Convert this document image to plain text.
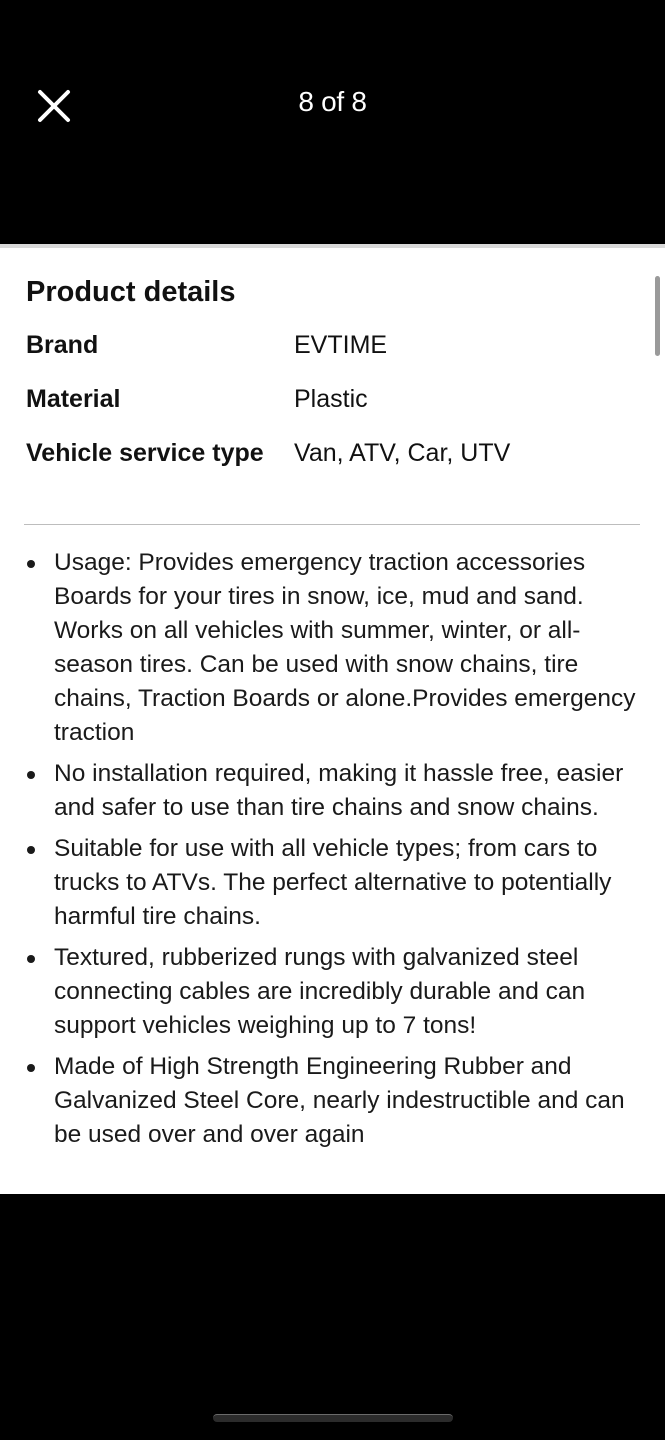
8 of 8
Product details
Brand	EVTIME
Material	Plastic
Vehicle service type	Van, ATV, Car, UTV
Usage: Provides emergency traction accessories Boards for your tires in snow, ice, mud and sand. Works on all vehicles with summer, winter, or all-season tires. Can be used with snow chains, tire chains, Traction Boards or alone.Provides emergency traction
No installation required, making it hassle free, easier and safer to use than tire chains and snow chains.
Suitable for use with all vehicle types; from cars to trucks to ATVs. The perfect alternative to potentially harmful tire chains.
Textured, rubberized rungs with galvanized steel connecting cables are incredibly durable and can support vehicles weighing up to 7 tons!
Made of High Strength Engineering Rubber and Galvanized Steel Core, nearly indestructible and can be used over and over again
